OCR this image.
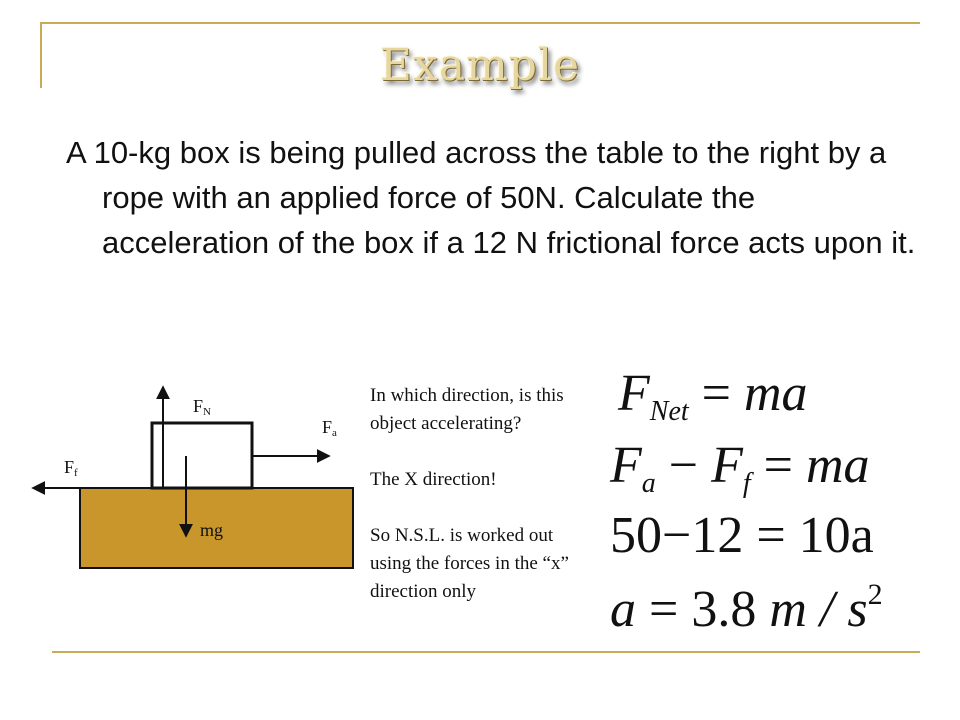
Example
A 10-kg box is being pulled across the table to the right by a rope with an applied force of 50N. Calculate the acceleration of the box if a 12 N frictional force acts upon it.
$F_N$
$F_a$
$F_f$
mg

In which direction, is this object accelerating?

The X direction!

So N.S.L. is worked out using the forces in the “x” direction only

$F_{Net}$ = ma
$F_a - F_f$ = ma
50−12 = 10a
a = 3.8 m / $s^2$
